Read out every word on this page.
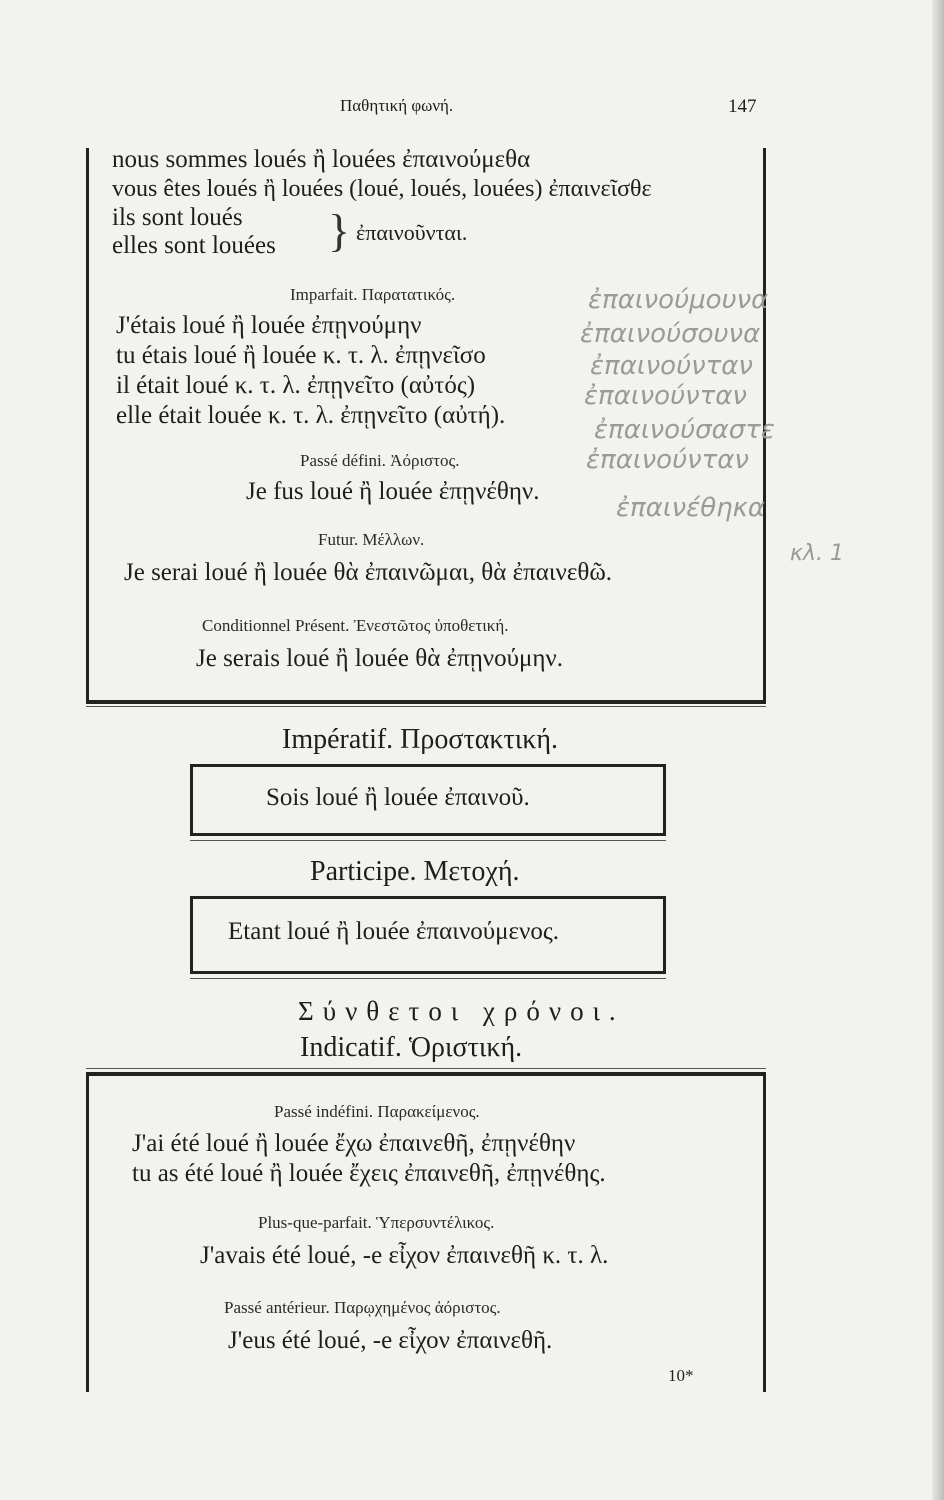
Παθητική φωνή.	147
nous sommes loués ἢ louées ἐπαινούμεθα
vous êtes loués ἢ louées (loué, loués, louées) ἐπαινεῖσθε
ils sont loués
elles sont louées } ἐπαινοῦνται.
Imparfait. Παρατατικός.
J'étais loué ἢ louée ἐπῃνούμην
tu étais loué ἢ louée κ. τ. λ. ἐπῃνεῖσο
il était loué κ. τ. λ. ἐπῃνεῖτο (αὐτός)
elle était louée κ. τ. λ. ἐπῃνεῖτο (αὐτή).
Passé défini. Ἀόριστος.
Je fus loué ἢ louée ἐπῃνέθην.
Futur. Μέλλων.
Je serai loué ἢ louée θὰ ἐπαινῶμαι, θὰ ἐπαινεθῶ.
Conditionnel Présent. Ἐνεστῶτος ὑποθετική.
Je serais loué ἢ louée θὰ ἐπῃνούμην.
ἐπαινούμουνα
ἐπαινούσουνα
ἐπαινούνταν
ἐπαινούνταν
ἐπαινούσαστε
ἐπαινούνταν
ἐπαινέθηκα
κλ. 1
Impératif. Προστακτική.
Sois loué ἢ louée ἐπαινοῦ.
Participe. Μετοχή.
Etant loué ἢ louée ἐπαινούμενος.
Σύνθετοι χρόνοι.
Indicatif. Ὁριστική.
Passé indéfini. Παρακείμενος.
J'ai été loué ἢ louée ἔχω ἐπαινεθῆ, ἐπῃνέθην
tu as été loué ἢ louée ἔχεις ἐπαινεθῆ, ἐπῃνέθης.
Plus-que-parfait. Ὑπερσυντέλικος.
J'avais été loué, -e εἶχον ἐπαινεθῆ κ. τ. λ.
Passé antérieur. Παρῳχημένος ἀόριστος.
J'eus été loué, -e εἶχον ἐπαινεθῆ.
10*
